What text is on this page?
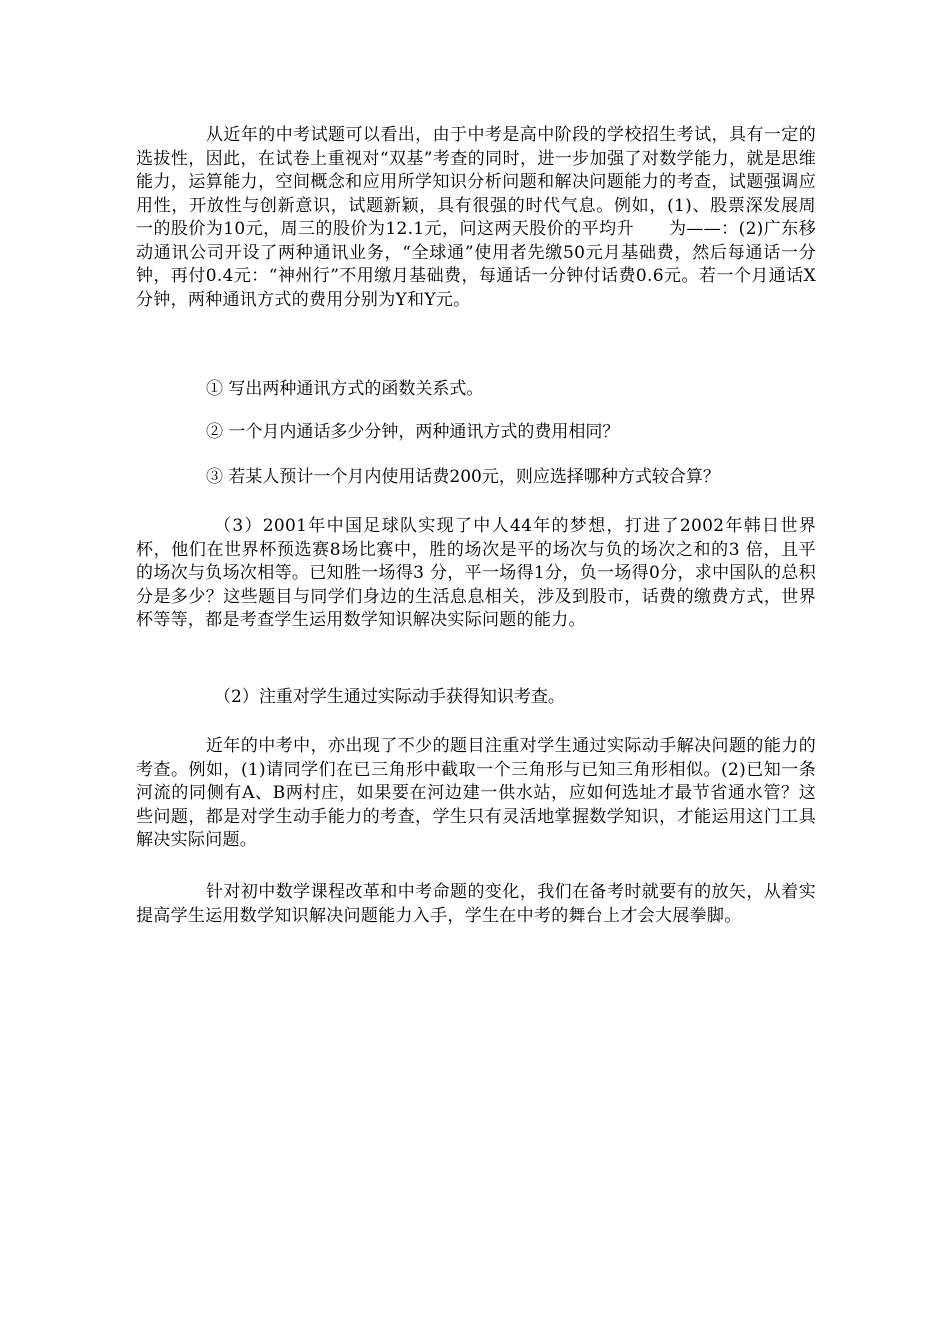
从近年的中考试题可以看出，由于中考是高中阶段的学校招生考试，具有一定的选拔性，因此，在试卷上重视对“双基”考查的同时，进一步加强了对数学能力，就是思维能力，运算能力，空间概念和应用所学知识分析问题和解决问题能力的考查，试题强调应用性，开放性与创新意识，试题新颖，具有很强的时代气息。例如，(1)、股票深发展周一的股价为10元，周三的股价为12.1元，问这两天股价的平均升　　为——：(2)广东移动通讯公司开设了两种通讯业务，“全球通”使用者先缴50元月基础费，然后每通话一分钟，再付0.4元：“神州行”不用缴月基础费，每通话一分钟付话费0.6元。若一个月通话X分钟，两种通讯方式的费用分别为Y和Y元。

① 写出两种通讯方式的函数关系式。

② 一个月内通话多少分钟，两种通讯方式的费用相同？

③ 若某人预计一个月内使用话费200元，则应选择哪种方式较合算？

（3）2001年中国足球队实现了中人44年的梦想，打进了2002年韩日世界杯，他们在世界杯预选赛8场比赛中，胜的场次是平的场次与负的场次之和的3 倍，且平的场次与负场次相等。已知胜一场得3 分，平一场得1分，负一场得0分，求中国队的总积分是多少？这些题目与同学们身边的生活息息相关，涉及到股市，话费的缴费方式，世界杯等等，都是考查学生运用数学知识解决实际问题的能力。

（2）注重对学生通过实际动手获得知识考查。

近年的中考中，亦出现了不少的题目注重对学生通过实际动手解决问题的能力的考查。例如，(1)请同学们在已三角形中截取一个三角形与已知三角形相似。(2)已知一条河流的同侧有A、B两村庄，如果要在河边建一供水站，应如何选址才最节省通水管？这些问题，都是对学生动手能力的考查，学生只有灵活地掌握数学知识，才能运用这门工具解决实际问题。

针对初中数学课程改革和中考命题的变化，我们在备考时就要有的放矢，从着实提高学生运用数学知识解决问题能力入手，学生在中考的舞台上才会大展拳脚。
